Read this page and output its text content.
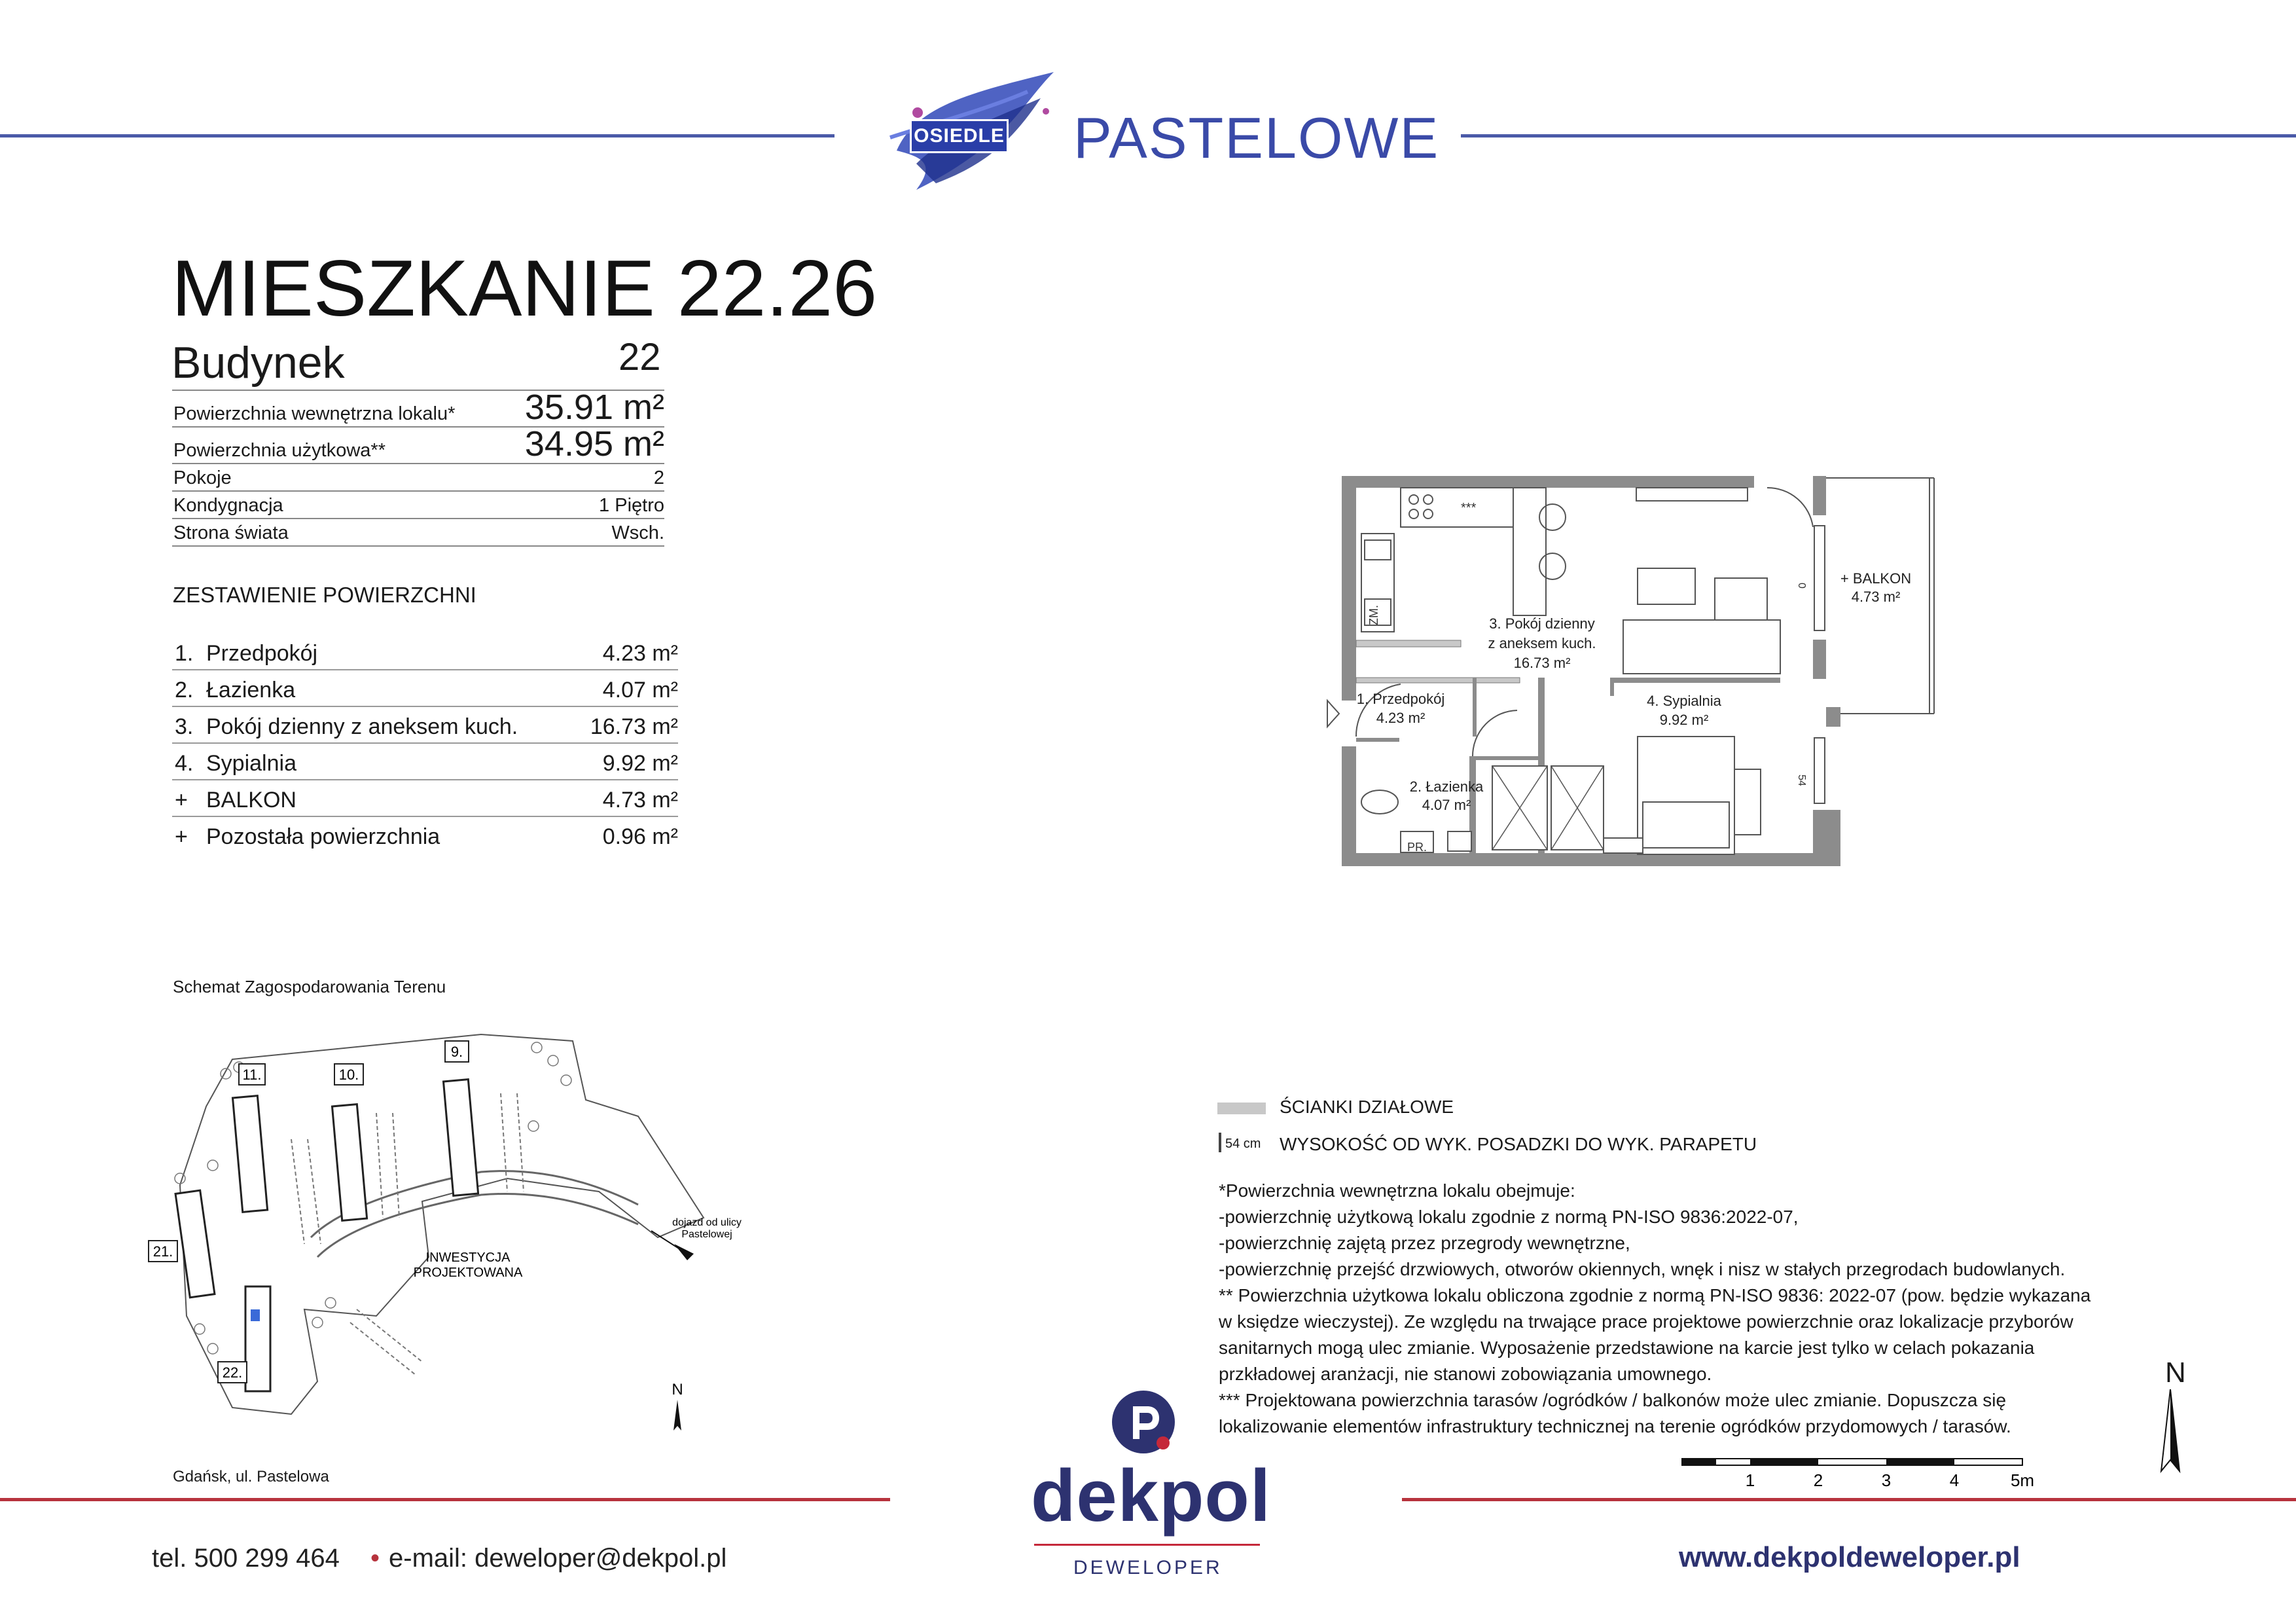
OSIEDLE PASTELOWE
MIESZKANIE 22.26
Budynek	22
Powierzchnia wewnętrzna lokalu* 35.91 m²
Powierzchnia użytkowa**	34.95 m²
Pokoje	2
Kondygnacja	1 Piętro
Strona świata	Wsch.
ZESTAWIENIE POWIERZCHNI
1. Przedpokój	4.23 m²
2. Łazienka	4.07 m²
3. Pokój dzienny z aneksem kuch.	16.73 m²
4. Sypialnia	9.92 m²
+ BALKON	4.73 m²
+ Pozostała powierzchnia	0.96 m²
***
ZM.	3. Pokój dzienny
z aneksem kuch.
16.73 m²
1. Przedpokój
4.23 m²
2. Łazienka
4.07 m²
4. Sypialnia
9.92 m²
+ BALKON
4.73 m²
PR.
0
54
Schemat Zagospodarowania Terenu
11.	10.
9.
21.
22.
INWESTYCJA
PROJEKTOWANA
dojazd od ulicy
Pastelowej
N
Gdańsk, ul. Pastelowa
ŚCIANKI DZIAŁOWE
54 cm WYSOKOŚĆ OD WYK. POSADZKI DO WYK. PARAPETU
*Powierzchnia wewnętrzna lokalu obejmuje:
-powierzchnię użytkową lokalu zgodnie z normą PN-ISO 9836:2022-07,
-powierzchnię zajętą przez przegrody wewnętrzne,
-powierzchnię przejść drzwiowych, otworów okiennych, wnęk i nisz w stałych przegrodach budowlanych.
** Powierzchnia użytkowa lokalu obliczona zgodnie z normą PN-ISO 9836: 2022-07 (pow. będzie wykazana
w księdze wieczystej). Ze względu na trwające prace projektowe powierzchnie oraz lokalizacje przyborów
sanitarnych mogą ulec zmianie. Wyposażenie przedstawione na karcie jest tylko w celach pokazania
przkładowej aranżacji, nie stanowi zobowiązania umownego.
*** Projektowana powierzchnia tarasów /ogródków / balkonów może ulec zmianie. Dopuszcza się
lokalizowanie elementów infrastruktury technicznej na terenie ogródków przydomowych / tarasów.
1	2	3	4	5m
N
tel. 500 299 464 • e-mail: deweloper@dekpol.pl
dekpol
DEWELOPER	www.dekpoldeweloper.pl
